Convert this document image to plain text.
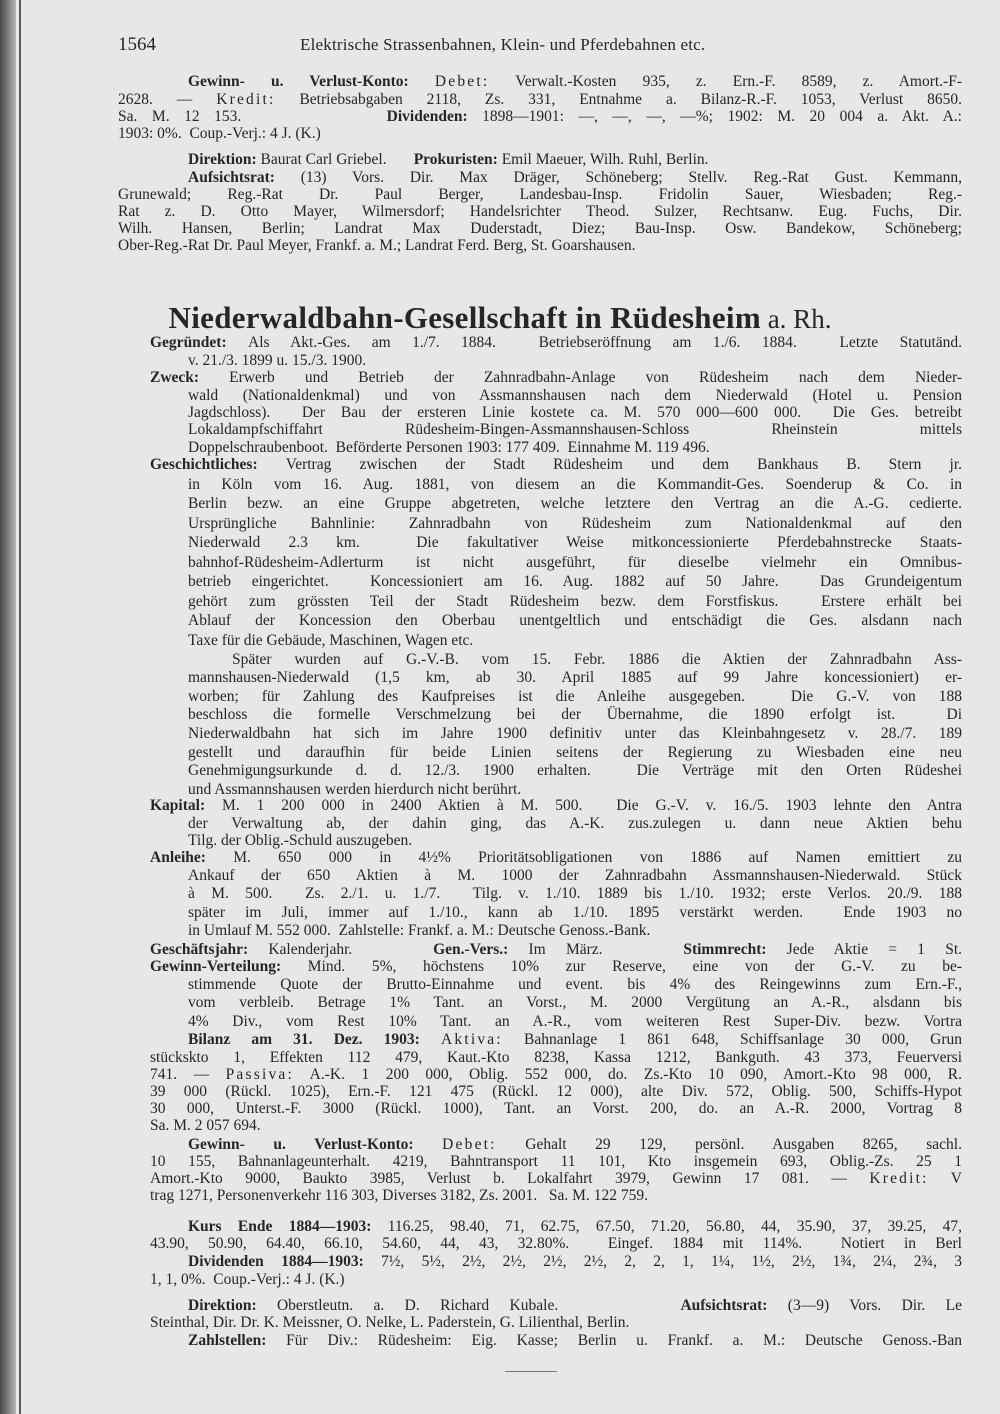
1564	Elektrische Strassenbahnen, Klein- und Pferdebahnen etc.
Niederwaldbahn-Gesellschaft in Rüdesheim a. Rh.
Gewinn- u. Verlust-Konto: Debet: Verwalt.-Kosten 935, z. Ern.-F. 8589, z. Amort.-F-
2628. — Kredit: Betriebsabgaben 2118, Zs. 331, Entnahme a. Bilanz-R.-F. 1053, Verlust 8650.
Sa. M. 12 153.          Dividenden: 1898—1901: —, —, —, —%; 1902: M. 20 004 a. Akt. A.:
1903: 0%.  Coup.-Verj.: 4 J. (K.)
Direktion: Baurat Carl Griebel.       Prokuristen: Emil Maeuer, Wilh. Ruhl, Berlin.
Aufsichtsrat: (13) Vors. Dir. Max Dräger, Schöneberg; Stellv. Reg.-Rat Gust. Kemmann,
Grunewald; Reg.-Rat Dr. Paul Berger, Landesbau-Insp. Fridolin Sauer, Wiesbaden; Reg.-
Rat z. D. Otto Mayer, Wilmersdorf; Handelsrichter Theod. Sulzer, Rechtsanw. Eug. Fuchs, Dir.
Wilh. Hansen, Berlin; Landrat Max Duderstadt, Diez; Bau-Insp. Osw. Bandekow, Schöneberg;
Ober-Reg.-Rat Dr. Paul Meyer, Frankf. a. M.; Landrat Ferd. Berg, St. Goarshausen.
Gegründet: Als Akt.-Ges. am 1./7. 1884.  Betriebseröffnung am 1./6. 1884.  Letzte Statutänd.
v. 21./3. 1899 u. 15./3. 1900.
Zweck: Erwerb und Betrieb der Zahnradbahn-Anlage von Rüdesheim nach dem Nieder-
wald (Nationaldenkmal) und von Assmannshausen nach dem Niederwald (Hotel u. Pension
Jagdschloss).  Der Bau der ersteren Linie kostete ca. M. 570 000—600 000.  Die Ges. betreibt
Lokaldampfschiffahrt Rüdesheim-Bingen-Assmannshausen-Schloss Rheinstein mittels
Doppelschraubenboot.  Beförderte Personen 1903: 177 409.  Einnahme M. 119 496.
Geschichtliches: Vertrag zwischen der Stadt Rüdesheim und dem Bankhaus B. Stern jr.
in Köln vom 16. Aug. 1881, von diesem an die Kommandit-Ges. Soenderup & Co. in
Berlin bezw. an eine Gruppe abgetreten, welche letztere den Vertrag an die A.-G. cedierte.
Ursprüngliche Bahnlinie: Zahnradbahn von Rüdesheim zum Nationaldenkmal auf den
Niederwald 2.3 km.  Die fakultativer Weise mitkoncessionierte Pferdebahnstrecke Staats-
bahnhof-Rüdesheim-Adlerturm ist nicht ausgeführt, für dieselbe vielmehr ein Omnibus-
betrieb eingerichtet.  Koncessioniert am 16. Aug. 1882 auf 50 Jahre.  Das Grundeigentum
gehört zum grössten Teil der Stadt Rüdesheim bezw. dem Forstfiskus.  Erstere erhält bei
Ablauf der Koncession den Oberbau unentgeltlich und entschädigt die Ges. alsdann nach
Taxe für die Gebäude, Maschinen, Wagen etc.
Später wurden auf G.-V.-B. vom 15. Febr. 1886 die Aktien der Zahnradbahn Ass-
mannshausen-Niederwald (1,5 km, ab 30. April 1885 auf 99 Jahre koncessioniert) er-
worben; für Zahlung des Kaufpreises ist die Anleihe ausgegeben.  Die G.-V. von 188
beschloss die formelle Verschmelzung bei der Übernahme, die 1890 erfolgt ist.  Di
Niederwaldbahn hat sich im Jahre 1900 definitiv unter das Kleinbahngesetz v. 28./7. 189
gestellt und daraufhin für beide Linien seitens der Regierung zu Wiesbaden eine neu
Genehmigungsurkunde d. d. 12./3. 1900 erhalten.  Die Verträge mit den Orten Rüdeshei
und Assmannshausen werden hierdurch nicht berührt.
Kapital: M. 1 200 000 in 2400 Aktien à M. 500.  Die G.-V. v. 16./5. 1903 lehnte den Antra
der Verwaltung ab, der dahin ging, das A.-K. zus.zulegen u. dann neue Aktien behu
Tilg. der Oblig.-Schuld auszugeben.
Anleihe: M. 650 000 in 4½% Prioritätsobligationen von 1886 auf Namen emittiert zu
Ankauf der 650 Aktien à M. 1000 der Zahnradbahn Assmannshausen-Niederwald. Stück
à M. 500.  Zs. 2./1. u. 1./7.  Tilg. v. 1./10. 1889 bis 1./10. 1932; erste Verlos. 20./9. 188
später im Juli, immer auf 1./10., kann ab 1./10. 1895 verstärkt werden.  Ende 1903 no
in Umlauf M. 552 000.  Zahlstelle: Frankf. a. M.: Deutsche Genoss.-Bank.
Geschäftsjahr: Kalenderjahr.    Gen.-Vers.: Im März.    Stimmrecht: Jede Aktie = 1 St.
Gewinn-Verteilung: Mind. 5%, höchstens 10% zur Reserve, eine von der G.-V. zu be-
stimmende Quote der Brutto-Einnahme und event. bis 4% des Reingewinns zum Ern.-F.,
vom verbleib. Betrage 1% Tant. an Vorst., M. 2000 Vergütung an A.-R., alsdann bis
4% Div., vom Rest 10% Tant. an A.-R., vom weiteren Rest Super-Div. bezw. Vortra
Bilanz am 31. Dez. 1903: Aktiva: Bahnanlage 1 861 648, Schiffsanlage 30 000, Grun
stückskto 1, Effekten 112 479, Kaut.-Kto 8238, Kassa 1212, Bankguth. 43 373, Feuerversi
741. — Passiva: A.-K. 1 200 000, Oblig. 552 000, do. Zs.-Kto 10 090, Amort.-Kto 98 000, R.
39 000 (Rückl. 1025), Ern.-F. 121 475 (Rückl. 12 000), alte Div. 572, Oblig. 500, Schiffs-Hypot
30 000, Unterst.-F. 3000 (Rückl. 1000), Tant. an Vorst. 200, do. an A.-R. 2000, Vortrag 8
Sa. M. 2 057 694.
Gewinn- u. Verlust-Konto: Debet: Gehalt 29 129, persönl. Ausgaben 8265, sachl.
10 155, Bahnanlageunterhalt. 4219, Bahntransport 11 101, Kto insgemein 693, Oblig.-Zs. 25 1
Amort.-Kto 9000, Baukto 3985, Verlust b. Lokalfahrt 3979, Gewinn 17 081. — Kredit: V
trag 1271, Personenverkehr 116 303, Diverses 3182, Zs. 2001.   Sa. M. 122 759.
Kurs Ende 1884—1903: 116.25, 98.40, 71, 62.75, 67.50, 71.20, 56.80, 44, 35.90, 37, 39.25, 47,
43.90, 50.90, 64.40, 66.10, 54.60, 44, 43, 32.80%.  Eingef. 1884 mit 114%.  Notiert in Berl
Dividenden 1884—1903: 7½, 5½, 2½, 2½, 2½, 2½, 2, 2, 1, 1¼, 1½, 2½, 1¾, 2¼, 2¾, 3
1, 1, 0%.  Coup.-Verj.: 4 J. (K.)
Direktion: Oberstleutn. a. D. Richard Kubale.      Aufsichtsrat: (3—9) Vors. Dir. Le
Steinthal, Dir. Dr. K. Meissner, O. Nelke, L. Paderstein, G. Lilienthal, Berlin.
Zahlstellen: Für Div.: Rüdesheim: Eig. Kasse; Berlin u. Frankf. a. M.: Deutsche Genoss.-Ban
